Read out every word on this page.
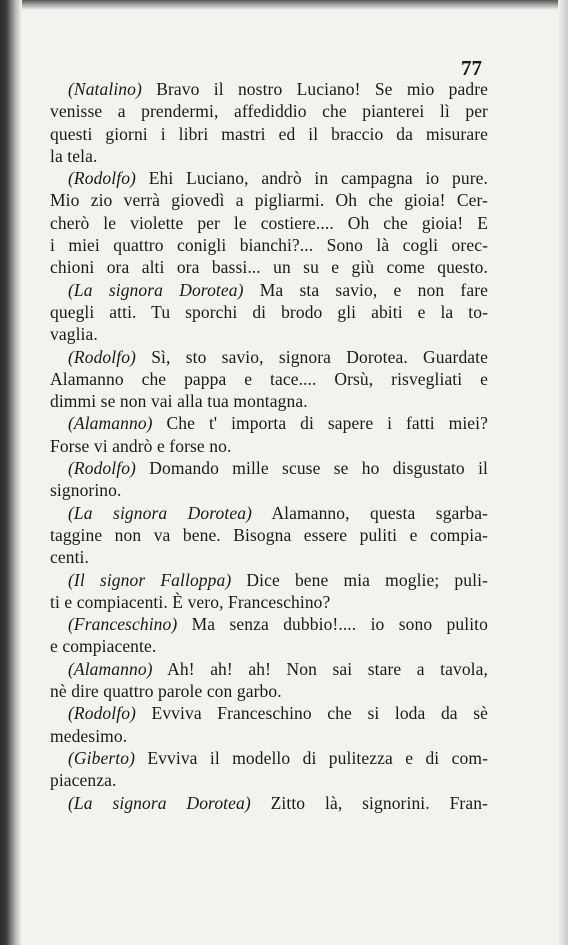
77
(Natalino) Bravo il nostro Luciano! Se mio padre
venisse a prendermi, affediddio che pianterei lì per
questi giorni i libri mastri ed il braccio da misurare
la tela.
(Rodolfo) Ehi Luciano, andrò in campagna io pure.
Mio zio verrà giovedì a pigliarmi. Oh che gioia! Cer-
cherò le violette per le costiere.... Oh che gioia! E
i miei quattro conigli bianchi?... Sono là cogli orec-
chioni ora alti ora bassi... un su e giù come questo.
(La signora Dorotea) Ma sta savio, e non fare
quegli atti. Tu sporchi di brodo gli abiti e la to-
vaglia.
(Rodolfo) Sì, sto savio, signora Dorotea. Guardate
Alamanno che pappa e tace.... Orsù, risvegliati e
dimmi se non vai alla tua montagna.
(Alamanno) Che t' importa di sapere i fatti miei?
Forse vi andrò e forse no.
(Rodolfo) Domando mille scuse se ho disgustato il
signorino.
(La signora Dorotea) Alamanno, questa sgarba-
taggine non va bene. Bisogna essere puliti e compia-
centi.
(Il signor Falloppa) Dice bene mia moglie; puli-
ti e compiacenti. È vero, Franceschino?
(Franceschino) Ma senza dubbio!.... io sono pulito
e compiacente.
(Alamanno) Ah! ah! ah! Non sai stare a tavola,
nè dire quattro parole con garbo.
(Rodolfo) Evviva Franceschino che si loda da sè
medesimo.
(Giberto) Evviva il modello di pulitezza e di com-
piacenza.
(La signora Dorotea) Zitto là, signorini. Fran-
